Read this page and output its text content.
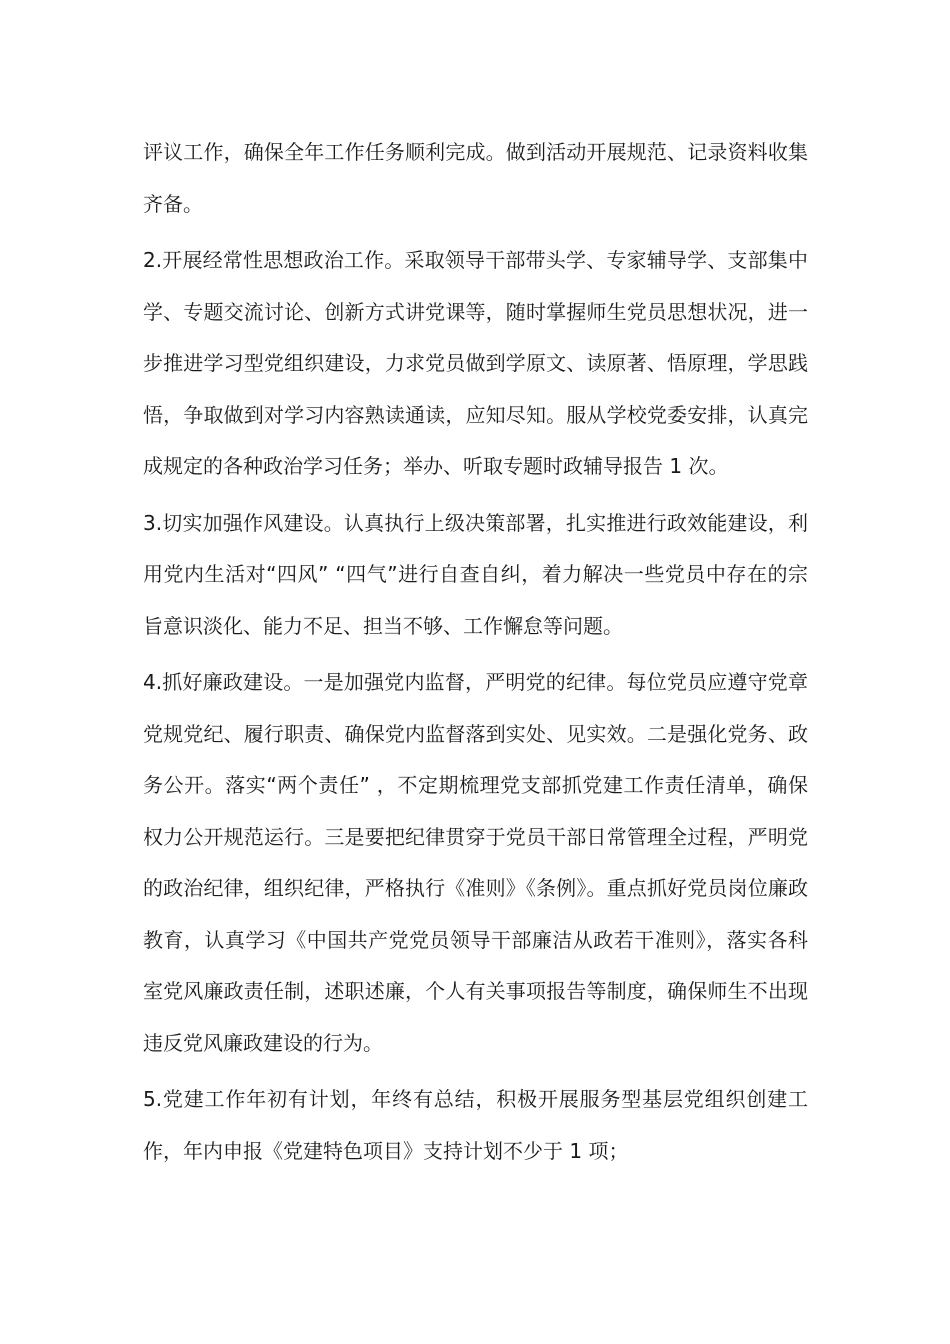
评议工作，确保全年工作任务顺利完成。做到活动开展规范、记录资料收集齐备。

2.开展经常性思想政治工作。采取领导干部带头学、专家辅导学、支部集中学、专题交流讨论、创新方式讲党课等，随时掌握师生党员思想状况，进一步推进学习型党组织建设，力求党员做到学原文、读原著、悟原理，学思践悟，争取做到对学习内容熟读通读，应知尽知。服从学校党委安排，认真完成规定的各种政治学习任务；举办、听取专题时政辅导报告 1 次。

3.切实加强作风建设。认真执行上级决策部署，扎实推进行政效能建设，利用党内生活对“四风” “四气”进行自查自纠，着力解决一些党员中存在的宗旨意识淡化、能力不足、担当不够、工作懈怠等问题。

4.抓好廉政建设。一是加强党内监督，严明党的纪律。每位党员应遵守党章党规党纪、履行职责、确保党内监督落到实处、见实效。二是强化党务、政务公开。落实“两个责任” ，不定期梳理党支部抓党建工作责任清单，确保权力公开规范运行。三是要把纪律贯穿于党员干部日常管理全过程，严明党的政治纪律，组织纪律，严格执行《准则》《条例》。重点抓好党员岗位廉政教育，认真学习《中国共产党党员领导干部廉洁从政若干准则》，落实各科室党风廉政责任制，述职述廉，个人有关事项报告等制度，确保师生不出现违反党风廉政建设的行为。

5.党建工作年初有计划，年终有总结，积极开展服务型基层党组织创建工作，年内申报《党建特色项目》支持计划不少于 1 项；
